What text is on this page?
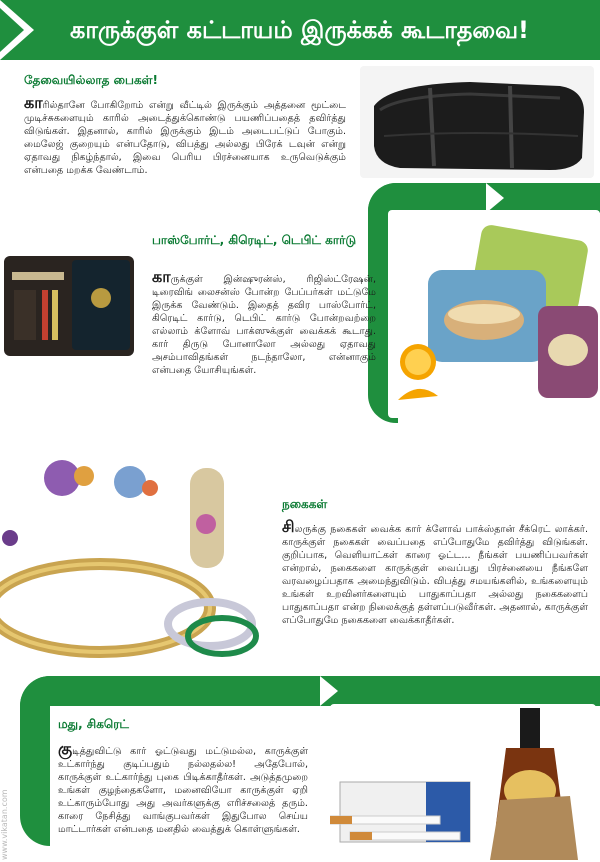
காருக்குள் கட்டாயம் இருக்கக் கூடாதவை!
தேவையில்லாத பைகள்!
காரில்தானே போகிறோம் என்று வீட்டில் இருக்கும் அத்தனை மூட்டை முடிச்சுகளையும் காரில் அடைத்துக்கொண்டு பயணிப்பதைத் தவிர்த்து விடுங்கள். இதனால், காரில் இருக்கும் இடம் அடைபட்டுப் போகும். மைலேஜ் குறையும் என்பதோடு, விபத்து அல்லது பிரேக் டவுன் என்று ஏதாவது நிகழ்ந்தால், இவை பெரிய பிரச்னையாக உருவெடுக்கும் என்பதை மறக்க வேண்டாம்.
பாஸ்போர்ட், கிரெடிட், டெபிட் கார்டு
காருக்குள் இன்ஷுரன்ஸ், ரிஜிஸ்ட்ரேஷன், டிரைவிங் லைசன்ஸ் போன்ற பேப்பர்கள் மட்டுமே இருக்க வேண்டும். இதைத் தவிர பாஸ்போர்ட், கிரெடிட் கார்டு, டெபிட் கார்டு போன்றவற்றை எல்லாம் க்ளோவ் பாக்ஸுக்குள் வைக்கக் கூடாது. கார் திருடு போனாலோ அல்லது ஏதாவது அசம்பாவிதங்கள் நடந்தாலோ, என்னாகும் என்பதை யோசியுங்கள்.
நகைகள்
சிலருக்கு நகைகள் வைக்க கார் க்ளோவ் பாக்ஸ்தான் சீக்ரெட் லாக்கர். காருக்குள் நகைகள் வைப்பதை எப்போதுமே தவிர்த்து விடுங்கள். குறிப்பாக, வெளியாட்கள் காரை ஓட்ட... நீங்கள் பயணிப்பவர்கள் என்றால், நகைகளை காருக்குள் வைப்பது பிரச்னையை நீங்களே வரவழைப்பதாக அமைந்துவிடும். விபத்து சமயங்களில், உங்களையும் உங்கள் உறவினர்களையும் பாதுகாப்பதா அல்லது நகைகளைப் பாதுகாப்பதா என்ற நிலைக்குத் தள்ளப்படுவீர்கள். அதனால், காருக்குள் எப்போதுமே நகைகளை வைக்காதீர்கள்.
மது, சிகரெட்
குடித்துவிட்டு கார் ஓட்டுவது மட்டுமல்ல, காருக்குள் உட்கார்ந்து குடிப்பதும் நல்லதல்ல! அதேபோல், காருக்குள் உட்கார்ந்து புகை பிடிக்காதீர்கள். அடுத்தமுறை உங்கள் குழந்தைகளோ, மனைவியோ காருக்குள் ஏறி உட்காரும்போது அது அவர்களுக்கு எரிச்சலைத் தரும். காரை நேசித்து வாங்குபவர்கள் இதுபோல செய்ய மாட்டார்கள் என்பதை மனதில் வைத்துக் கொள்ளுங்கள்.
www.vikatan.com
